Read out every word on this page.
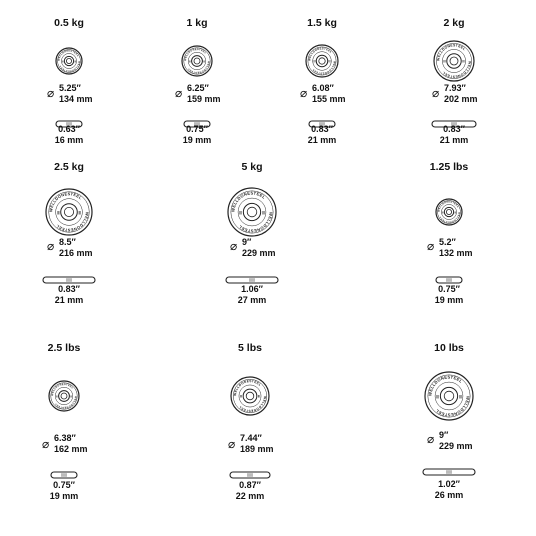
0.5 kg
WELLDONESTEEL
WELLDONESTEEL
|||	|||
⌀ 5.25″
134 mm
0.63″
16 mm
1 kg
WELLDONESTEEL
WELLDONESTEEL
|||	|||
⌀ 6.25″
159 mm
0.75″
19 mm
1.5 kg
WELLDONESTEEL
WELLDONESTEEL
|||	|||
⌀ 6.08″
155 mm
0.83″
21 mm
2 kg
WELLDONESTEEL
WELLDONESTEEL
|||	|||
⌀ 7.93″
202 mm
0.83″
21 mm
2.5 kg
WELLDONESTEEL
WELLDONESTEEL
|||	|||
⌀ 8.5″
216 mm
0.83″
21 mm
5 kg
WELLDONESTEEL
WELLDONESTEEL
|||	|||
⌀ 9″
229 mm
1.06″
27 mm
1.25 lbs
WELLDONESTEEL
WELLDONESTEEL
|||	|||
⌀ 5.2″
132 mm
0.75″
19 mm
2.5 lbs
WELLDONESTEEL
WELLDONESTEEL
|||	|||
⌀ 6.38″
162 mm
0.75″
19 mm
5 lbs
WELLDONESTEEL
WELLDONESTEEL
|||	|||
⌀ 7.44″
189 mm
0.87″
22 mm
10 lbs
WELLDONESTEEL
WELLDONESTEEL
|||	|||
⌀ 9″
229 mm
1.02″
26 mm
